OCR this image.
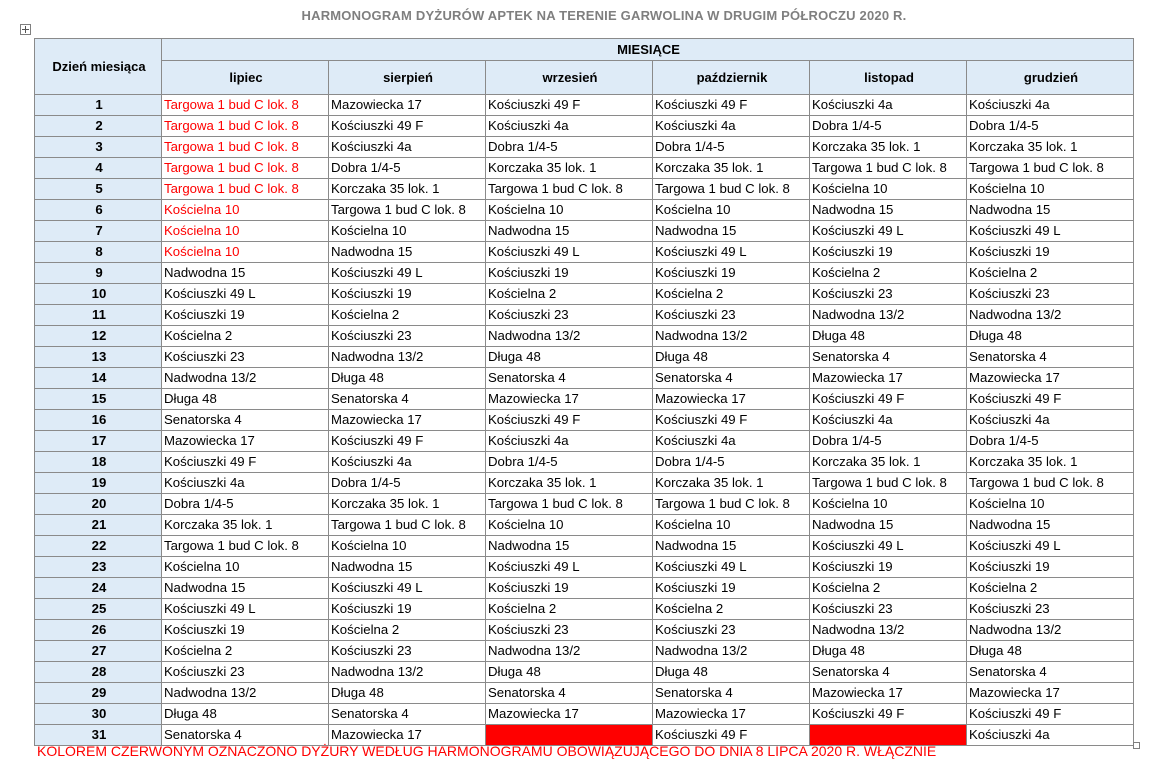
HARMONOGRAM DYŻURÓW APTEK NA TERENIE GARWOLINA W DRUGIM PÓŁROCZU 2020 R.
Dzień miesiąca	MIESIĄCE					
	lipiec	sierpień	wrzesień	październik	listopad	grudzień
1	Targowa 1 bud C lok. 8	Mazowiecka 17	Kościuszki 49 F	Kościuszki 49 F	Kościuszki 4a	Kościuszki 4a
2	Targowa 1 bud C lok. 8	Kościuszki 49 F	Kościuszki 4a	Kościuszki 4a	Dobra 1/4-5	Dobra 1/4-5
3	Targowa 1 bud C lok. 8	Kościuszki 4a	Dobra 1/4-5	Dobra 1/4-5	Korczaka 35 lok. 1	Korczaka 35 lok. 1
4	Targowa 1 bud C lok. 8	Dobra 1/4-5	Korczaka 35 lok. 1	Korczaka 35 lok. 1	Targowa 1 bud C lok. 8	Targowa 1 bud C lok. 8
5	Targowa 1 bud C lok. 8	Korczaka 35 lok. 1	Targowa 1 bud C lok. 8	Targowa 1 bud C lok. 8	Kościelna 10	Kościelna 10
6	Kościelna 10	Targowa 1 bud C lok. 8	Kościelna 10	Kościelna 10	Nadwodna 15	Nadwodna 15
7	Kościelna 10	Kościelna 10	Nadwodna 15	Nadwodna 15	Kościuszki 49 L	Kościuszki 49 L
8	Kościelna 10	Nadwodna 15	Kościuszki 49 L	Kościuszki 49 L	Kościuszki 19	Kościuszki 19
9	Nadwodna 15	Kościuszki 49 L	Kościuszki 19	Kościuszki 19	Kościelna 2	Kościelna 2
10	Kościuszki 49 L	Kościuszki 19	Kościelna 2	Kościelna 2	Kościuszki 23	Kościuszki 23
11	Kościuszki 19	Kościelna 2	Kościuszki 23	Kościuszki 23	Nadwodna 13/2	Nadwodna 13/2
12	Kościelna 2	Kościuszki 23	Nadwodna 13/2	Nadwodna 13/2	Długa 48	Długa 48
13	Kościuszki 23	Nadwodna 13/2	Długa 48	Długa 48	Senatorska 4	Senatorska 4
14	Nadwodna 13/2	Długa 48	Senatorska 4	Senatorska 4	Mazowiecka 17	Mazowiecka 17
15	Długa 48	Senatorska 4	Mazowiecka 17	Mazowiecka 17	Kościuszki 49 F	Kościuszki 49 F
16	Senatorska 4	Mazowiecka 17	Kościuszki 49 F	Kościuszki 49 F	Kościuszki 4a	Kościuszki 4a
17	Mazowiecka 17	Kościuszki 49 F	Kościuszki 4a	Kościuszki 4a	Dobra 1/4-5	Dobra 1/4-5
18	Kościuszki 49 F	Kościuszki 4a	Dobra 1/4-5	Dobra 1/4-5	Korczaka 35 lok. 1	Korczaka 35 lok. 1
19	Kościuszki 4a	Dobra 1/4-5	Korczaka 35 lok. 1	Korczaka 35 lok. 1	Targowa 1 bud C lok. 8	Targowa 1 bud C lok. 8
20	Dobra 1/4-5	Korczaka 35 lok. 1	Targowa 1 bud C lok. 8	Targowa 1 bud C lok. 8	Kościelna 10	Kościelna 10
21	Korczaka 35 lok. 1	Targowa 1 bud C lok. 8	Kościelna 10	Kościelna 10	Nadwodna 15	Nadwodna 15
22	Targowa 1 bud C lok. 8	Kościelna 10	Nadwodna 15	Nadwodna 15	Kościuszki 49 L	Kościuszki 49 L
23	Kościelna 10	Nadwodna 15	Kościuszki 49 L	Kościuszki 49 L	Kościuszki 19	Kościuszki 19
24	Nadwodna 15	Kościuszki 49 L	Kościuszki 19	Kościuszki 19	Kościelna 2	Kościelna 2
25	Kościuszki 49 L	Kościuszki 19	Kościelna 2	Kościelna 2	Kościuszki 23	Kościuszki 23
26	Kościuszki 19	Kościelna 2	Kościuszki 23	Kościuszki 23	Nadwodna 13/2	Nadwodna 13/2
27	Kościelna 2	Kościuszki 23	Nadwodna 13/2	Nadwodna 13/2	Długa 48	Długa 48
28	Kościuszki 23	Nadwodna 13/2	Długa 48	Długa 48	Senatorska 4	Senatorska 4
29	Nadwodna 13/2	Długa 48	Senatorska 4	Senatorska 4	Mazowiecka 17	Mazowiecka 17
30	Długa 48	Senatorska 4	Mazowiecka 17	Mazowiecka 17	Kościuszki 49 F	Kościuszki 49 F
31	Senatorska 4	Mazowiecka 17		Kościuszki 49 F		Kościuszki 4a
KOLOREM CZERWONYM OZNACZONO DYŻURY WEDŁUG HARMONOGRAMU OBOWIĄZUJĄCEGO DO DNIA 8 LIPCA 2020 R. WŁĄCZNIE
